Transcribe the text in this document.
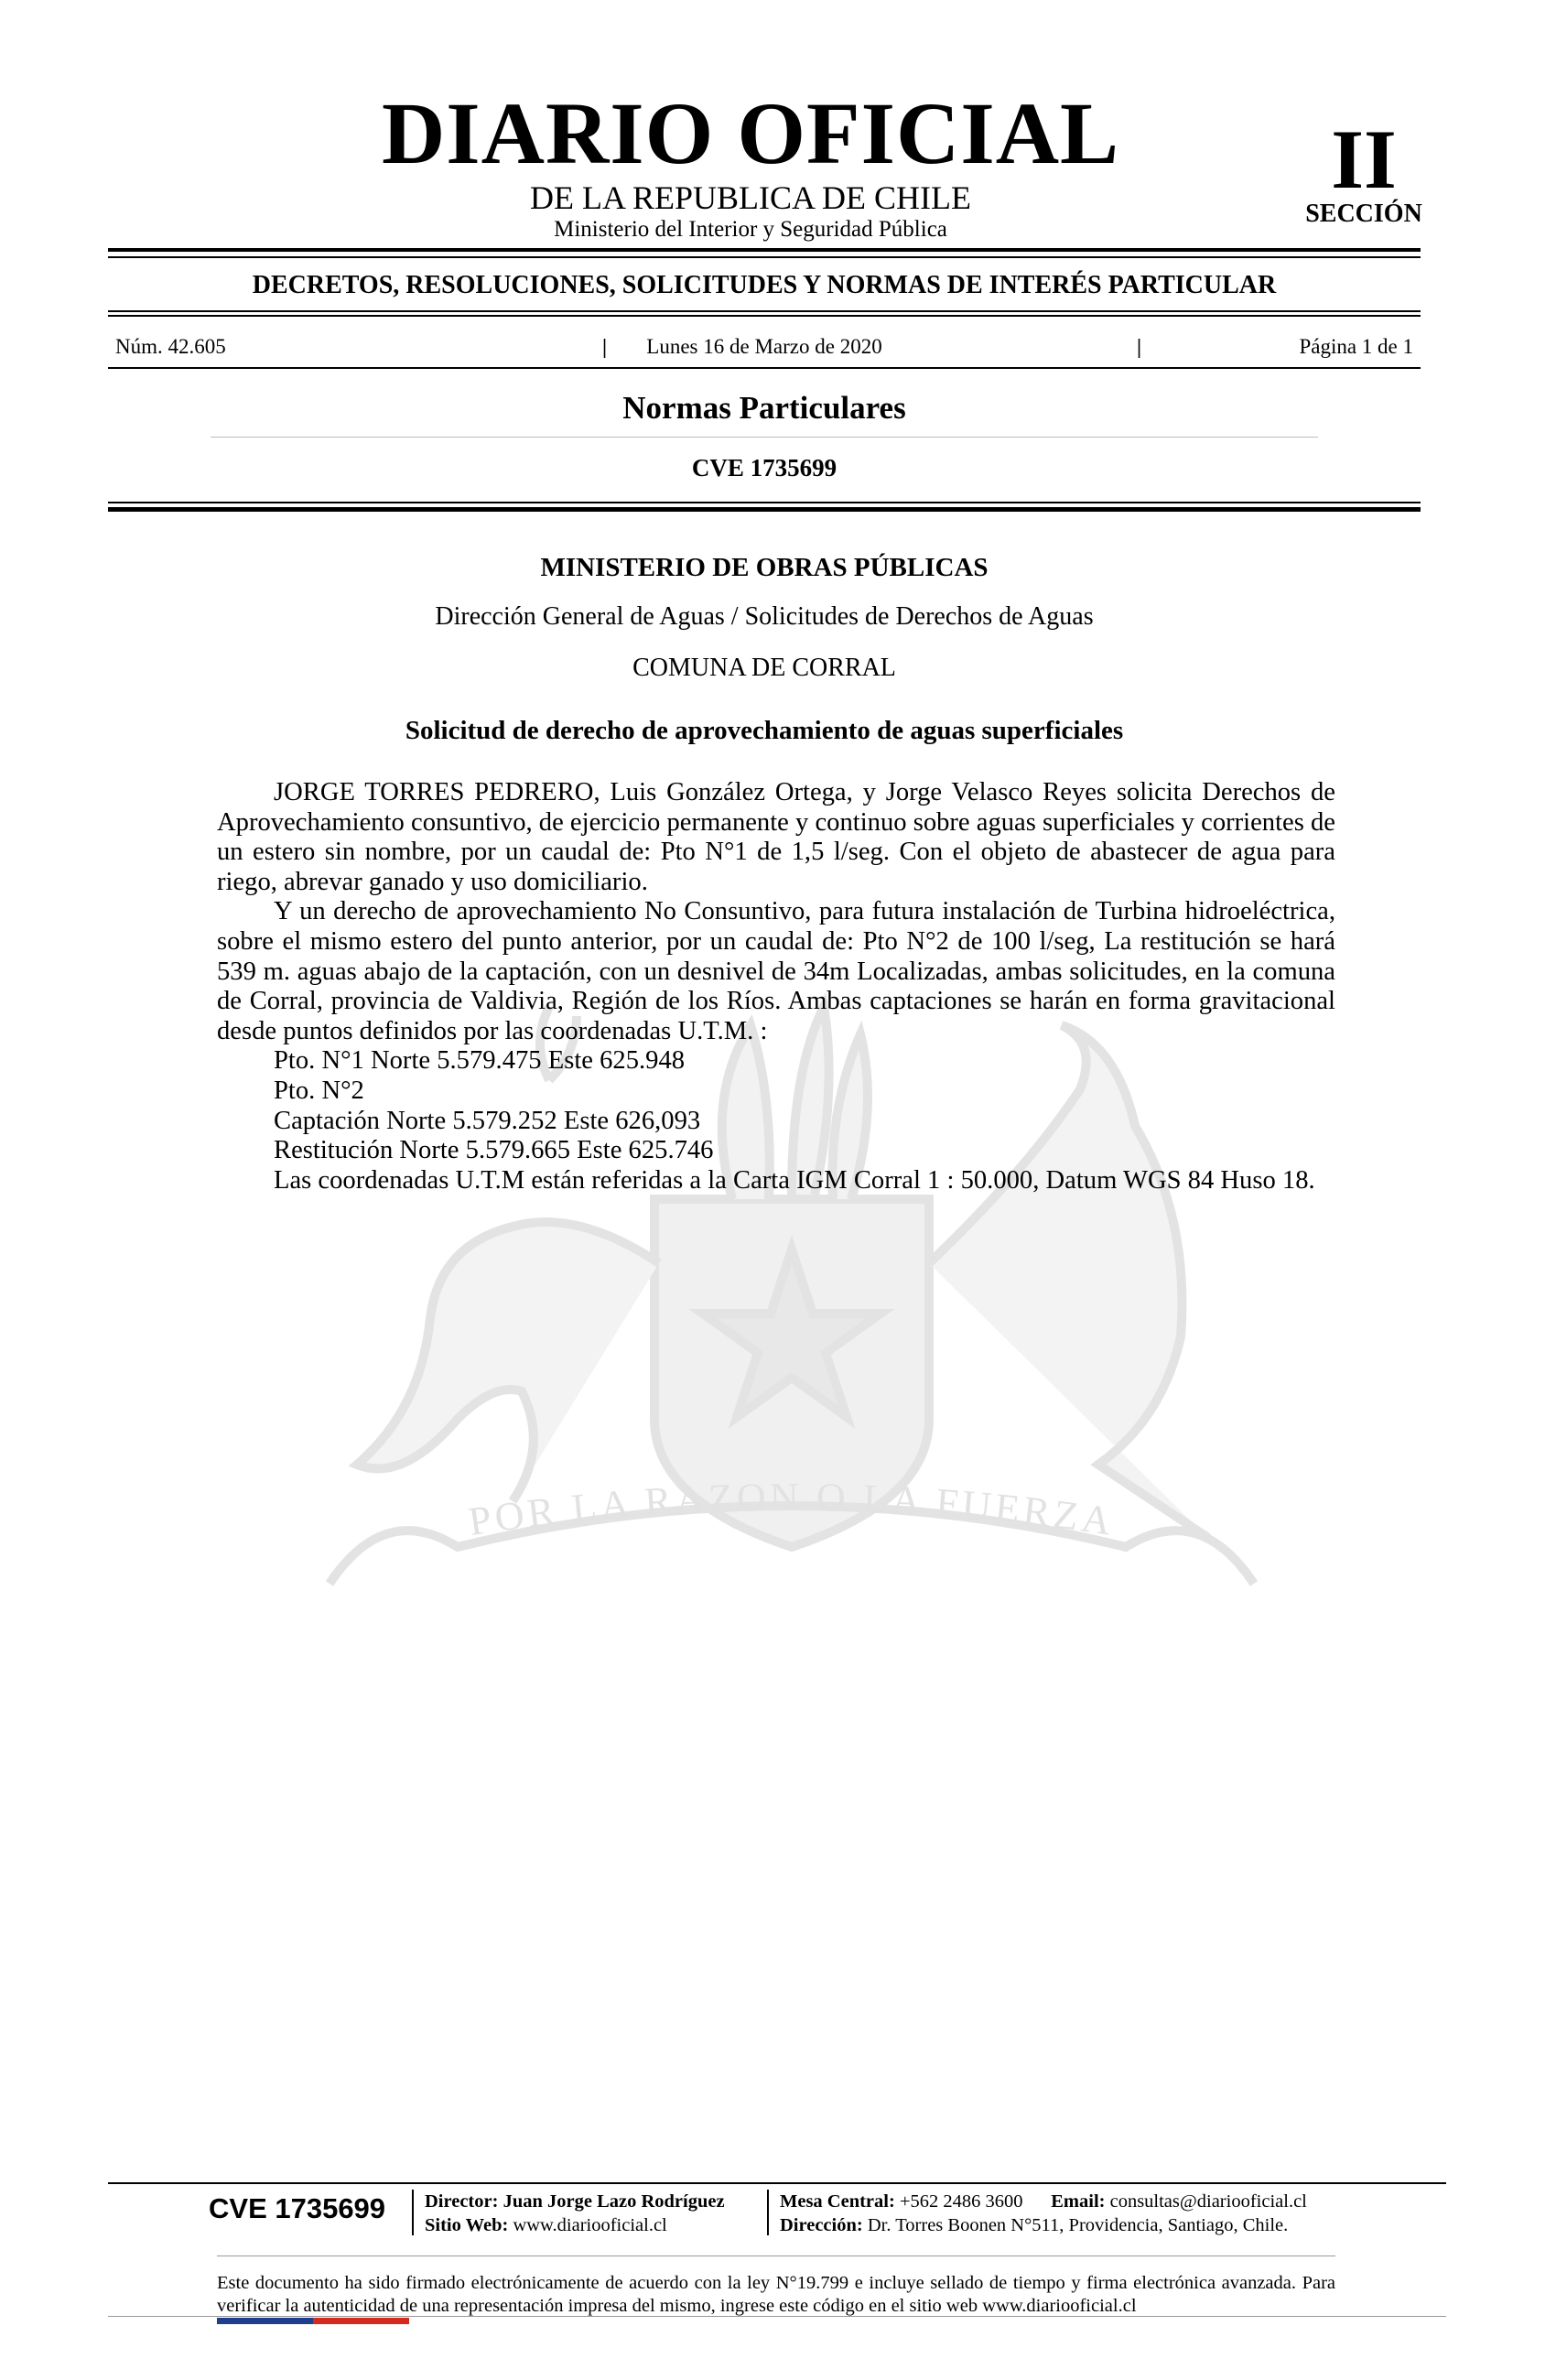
DIARIO OFICIAL
DE LA REPUBLICA DE CHILE
Ministerio del Interior y Seguridad Pública
II
SECCIÓN
DECRETOS, RESOLUCIONES, SOLICITUDES Y NORMAS DE INTERÉS PARTICULAR
Núm. 42.605	|	Lunes 16 de Marzo de 2020	|	Página 1 de 1
Normas Particulares
CVE 1735699
POR LA RAZON O LA FUERZA
MINISTERIO DE OBRAS PÚBLICAS
Dirección General de Aguas / Solicitudes de Derechos de Aguas
COMUNA DE CORRAL
Solicitud de derecho de aprovechamiento de aguas superficiales

JORGE TORRES PEDRERO, Luis González Ortega, y Jorge Velasco Reyes solicita Derechos de Aprovechamiento consuntivo, de ejercicio permanente y continuo sobre aguas superficiales y corrientes de un estero sin nombre, por un caudal de: Pto N°1 de 1,5 l/seg. Con el objeto de abastecer de agua para riego, abrevar ganado y uso domiciliario.

Y un derecho de aprovechamiento No Consuntivo, para futura instalación de Turbina hidroeléctrica, sobre el mismo estero del punto anterior, por un caudal de: Pto N°2 de 100 l/seg, La restitución se hará 539 m. aguas abajo de la captación, con un desnivel de 34m Localizadas, ambas solicitudes, en la comuna de Corral, provincia de Valdivia, Región de los Ríos. Ambas captaciones se harán en forma gravitacional desde puntos definidos por las coordenadas U.T.M. :

Pto. N°1 Norte 5.579.475 Este 625.948

Pto. N°2

Captación Norte 5.579.252 Este 626,093

Restitución Norte 5.579.665 Este 625.746

Las coordenadas U.T.M están referidas a la Carta IGM Corral 1 : 50.000, Datum WGS 84 Huso 18.

CVE 1735699	Director: Juan Jorge Lazo Rodríguez
Sitio Web: www.diariooficial.cl
Mesa Central: +562 2486 3600 Email: consultas@diariooficial.cl
Dirección: Dr. Torres Boonen N°511, Providencia, Santiago, Chile.
Este documento ha sido firmado electrónicamente de acuerdo con la ley N°19.799 e incluye sellado de tiempo y firma electrónica avanzada. Para verificar la autenticidad de una representación impresa del mismo, ingrese este código en el sitio web www.diariooficial.cl
